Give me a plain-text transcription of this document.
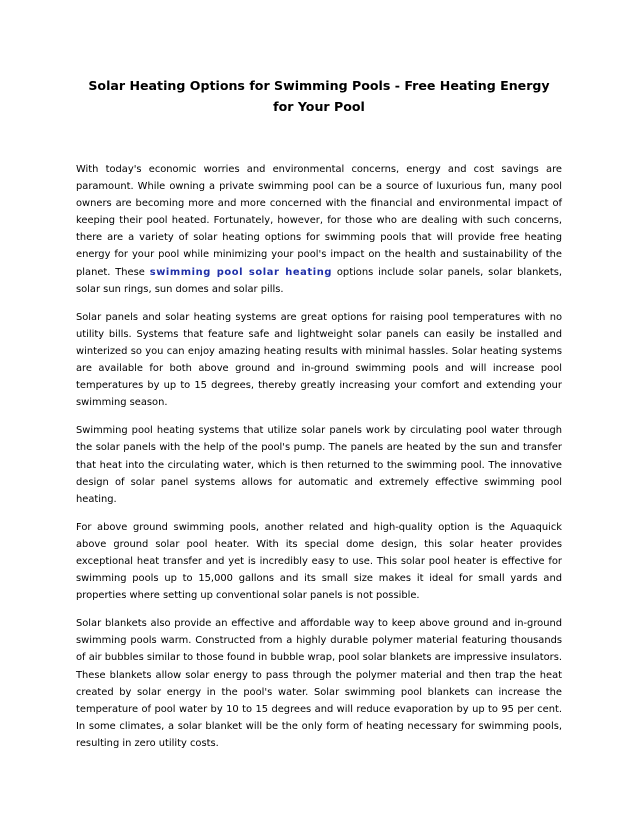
Solar Heating Options for Swimming Pools - Free Heating Energy for Your Pool

With today's economic worries and environmental concerns, energy and cost savings are paramount. While owning a private swimming pool can be a source of luxurious fun, many pool owners are becoming more and more concerned with the financial and environmental impact of keeping their pool heated. Fortunately, however, for those who are dealing with such concerns, there are a variety of solar heating options for swimming pools that will provide free heating energy for your pool while minimizing your pool's impact on the health and sustainability of the planet. These swimming pool solar heating options include solar panels, solar blankets, solar sun rings, sun domes and solar pills.

Solar panels and solar heating systems are great options for raising pool temperatures with no utility bills. Systems that feature safe and lightweight solar panels can easily be installed and winterized so you can enjoy amazing heating results with minimal hassles. Solar heating systems are available for both above ground and in-ground swimming pools and will increase pool temperatures by up to 15 degrees, thereby greatly increasing your comfort and extending your swimming season.

Swimming pool heating systems that utilize solar panels work by circulating pool water through the solar panels with the help of the pool's pump. The panels are heated by the sun and transfer that heat into the circulating water, which is then returned to the swimming pool. The innovative design of solar panel systems allows for automatic and extremely effective swimming pool heating.

For above ground swimming pools, another related and high-quality option is the Aquaquick above ground solar pool heater. With its special dome design, this solar heater provides exceptional heat transfer and yet is incredibly easy to use. This solar pool heater is effective for swimming pools up to 15,000 gallons and its small size makes it ideal for small yards and properties where setting up conventional solar panels is not possible.

Solar blankets also provide an effective and affordable way to keep above ground and in-ground swimming pools warm. Constructed from a highly durable polymer material featuring thousands of air bubbles similar to those found in bubble wrap, pool solar blankets are impressive insulators. These blankets allow solar energy to pass through the polymer material and then trap the heat created by solar energy in the pool's water. Solar swimming pool blankets can increase the temperature of pool water by 10 to 15 degrees and will reduce evaporation by up to 95 per cent. In some climates, a solar blanket will be the only form of heating necessary for swimming pools, resulting in zero utility costs.
